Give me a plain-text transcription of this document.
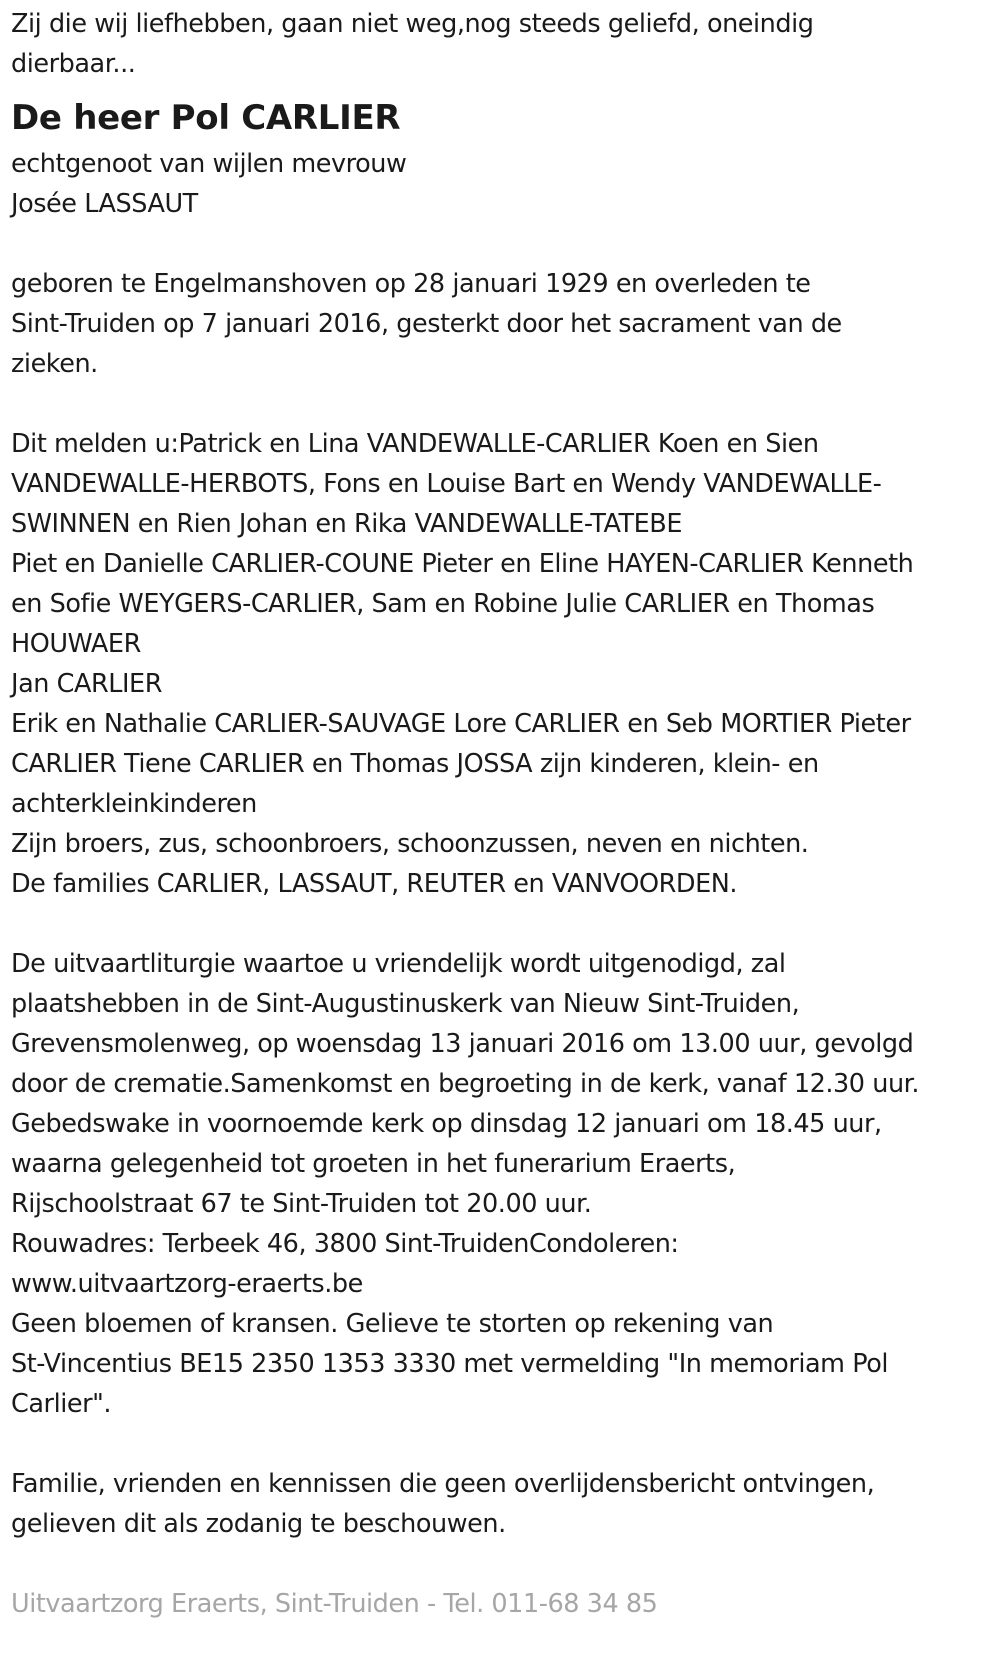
Zij die wij liefhebben, gaan niet weg,nog steeds geliefd, oneindig
dierbaar...
De heer Pol CARLIER
echtgenoot van wijlen mevrouw
Josée LASSAUT
geboren te Engelmanshoven op 28 januari 1929 en overleden te
Sint-Truiden op 7 januari 2016, gesterkt door het sacrament van de
zieken.
Dit melden u:Patrick en Lina VANDEWALLE-CARLIER Koen en Sien
VANDEWALLE-HERBOTS, Fons en Louise Bart en Wendy VANDEWALLE-
SWINNEN en Rien Johan en Rika VANDEWALLE-TATEBE
Piet en Danielle CARLIER-COUNE Pieter en Eline HAYEN-CARLIER Kenneth
en Sofie WEYGERS-CARLIER, Sam en Robine Julie CARLIER en Thomas
HOUWAER
Jan CARLIER
Erik en Nathalie CARLIER-SAUVAGE Lore CARLIER en Seb MORTIER Pieter
CARLIER Tiene CARLIER en Thomas JOSSA zijn kinderen, klein- en
achterkleinkinderen
Zijn broers, zus, schoonbroers, schoonzussen, neven en nichten.
De families CARLIER, LASSAUT, REUTER en VANVOORDEN.
De uitvaartliturgie waartoe u vriendelijk wordt uitgenodigd, zal
plaatshebben in de Sint-Augustinuskerk van Nieuw Sint-Truiden,
Grevensmolenweg, op woensdag 13 januari 2016 om 13.00 uur, gevolgd
door de crematie.Samenkomst en begroeting in de kerk, vanaf 12.30 uur.
Gebedswake in voornoemde kerk op dinsdag 12 januari om 18.45 uur,
waarna gelegenheid tot groeten in het funerarium Eraerts,
Rijschoolstraat 67 te Sint-Truiden tot 20.00 uur.
Rouwadres: Terbeek 46, 3800 Sint-TruidenCondoleren:
www.uitvaartzorg-eraerts.be
Geen bloemen of kransen. Gelieve te storten op rekening van
St-Vincentius BE15 2350 1353 3330 met vermelding "In memoriam Pol
Carlier".
Familie, vrienden en kennissen die geen overlijdensbericht ontvingen,
gelieven dit als zodanig te beschouwen.
Uitvaartzorg Eraerts, Sint-Truiden - Tel. 011-68 34 85
